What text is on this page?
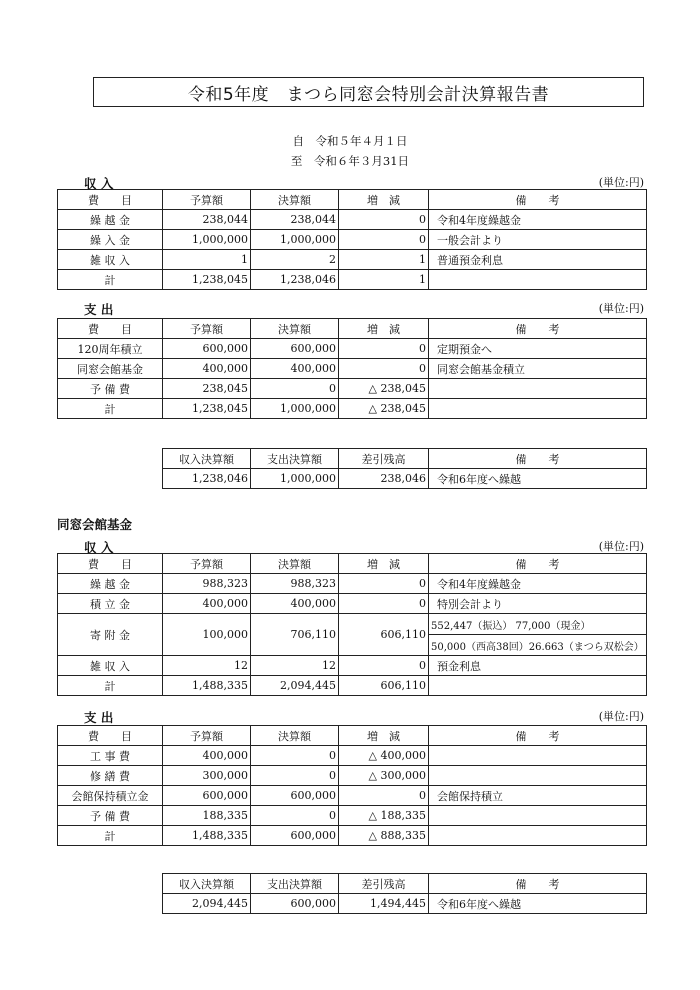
令和5年度　まつら同窓会特別会計決算報告書
自　令和５年４月１日
至　令和６年３月31日
収 入	(単位:円)
費　　目	予算額	決算額	増　減	備　　考
繰 越 金	238,044	238,044	0	令和4年度繰越金
繰 入 金	1,000,000	1,000,000	0	一般会計より
雑 収 入	1	2	1	普通預金利息
計	1,238,045	1,238,046	1	
支 出	(単位:円)
費　　目	予算額	決算額	増　減	備　　考
120周年積立	600,000	600,000	0	定期預金へ
同窓会館基金	400,000	400,000	0	同窓会館基金積立
予 備 費	238,045	0	△ 238,045	
計	1,238,045	1,000,000	△ 238,045	
収入決算額	支出決算額	差引残高	備　　考
1,238,046	1,000,000	238,046	令和6年度へ繰越
同窓会館基金
収 入	(単位:円)
費　　目	予算額	決算額	増　減	備　　考
繰 越 金	988,323	988,323	0	令和4年度繰越金
積 立 金	400,000	400,000	0	特別会計より
寄 附 金	100,000	706,110	606,110	552,447（振込） 77,000（現金）
				50,000（西高38回）26.663（まつら双松会）
雑 収 入	12	12	0	預金利息
計	1,488,335	2,094,445	606,110	
支 出	(単位:円)
費　　目	予算額	決算額	増　減	備　　考
工 事 費	400,000	0	△ 400,000	
修 繕 費	300,000	0	△ 300,000	
会館保持積立金	600,000	600,000	0	会館保持積立
予 備 費	188,335	0	△ 188,335	
計	1,488,335	600,000	△ 888,335	
収入決算額	支出決算額	差引残高	備　　考
2,094,445	600,000	1,494,445	令和6年度へ繰越
